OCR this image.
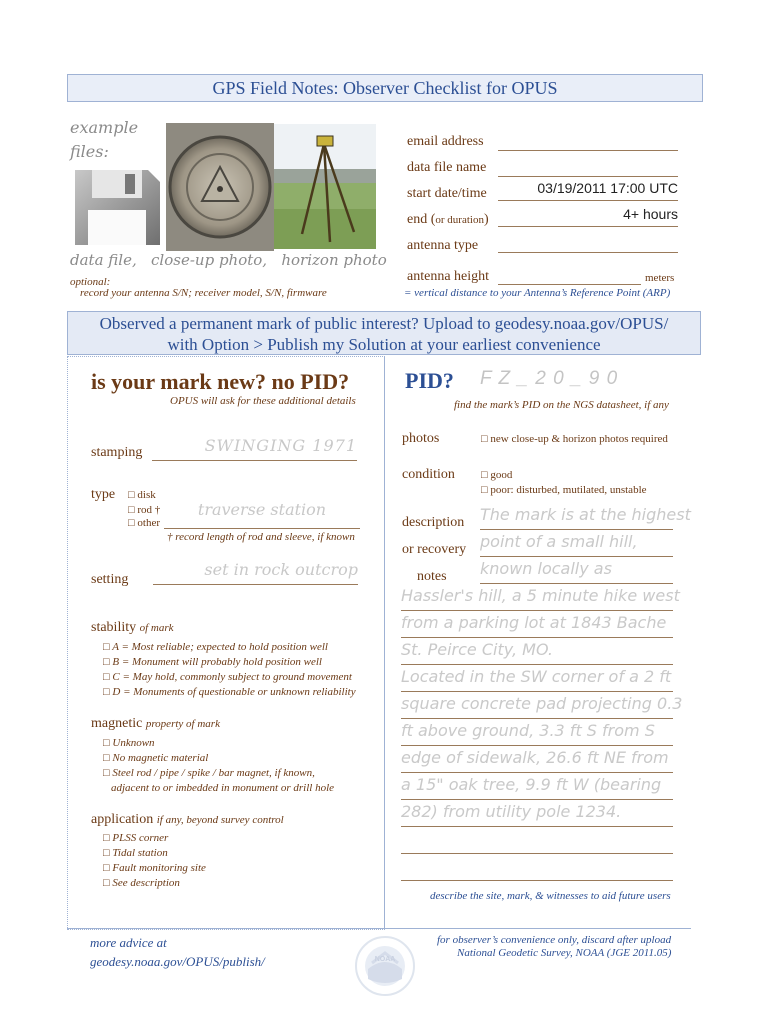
GPS Field Notes: Observer Checklist for OPUS
example files:
data file,   close-up photo,   horizon photo
optional:
record your antenna S/N; receiver model, S/N, firmware
email address
data file name
start date/time	03/19/2011 17:00 UTC
end (or duration)	4+ hours
antenna type
antenna height	meters
= vertical distance to your Antenna’s Reference Point (ARP)
Observed a permanent mark of public interest? Upload to geodesy.noaa.gov/OPUS/
with Option > Publish my Solution at your earliest convenience
is your mark new? no PID?
OPUS will ask for these additional details
stamping	SWINGING 1971
type □ disk
□ rod †
□ other
traverse station
† record length of rod and sleeve, if known
setting
set in rock outcrop
stability of mark
□ A = Most reliable; expected to hold position well
□ B = Monument will probably hold position well
□ C = May hold, commonly subject to ground movement
□ D = Monuments of questionable or unknown reliability
magnetic property of mark
□ Unknown
□ No magnetic material
□ Steel rod / pipe / spike / bar magnet, if known,
adjacent to or imbedded in monument or drill hole
application if any, beyond survey control
□ PLSS corner
□ Tidal station
□ Fault monitoring site
□ See description
PID? F Z _ 2 0 _ 9 0
find the mark’s PID on the NGS datasheet, if any
photos	□ new close-up & horizon photos required
condition □ good
□ poor: disturbed, mutilated, unstable
description
or recovery
notes
The mark is at the highest
point of a small hill,
known locally as
Hassler's hill, a 5 minute hike west
from a parking lot at 1843 Bache
St. Peirce City, MO.
Located in the SW corner of a 2 ft
square concrete pad projecting 0.3
ft above ground, 3.3 ft S from S
edge of sidewalk, 26.6 ft NE from
a 15" oak tree, 9.9 ft W (bearing
282) from utility pole 1234.
describe the site, mark, & witnesses to aid future users
more advice at
geodesy.noaa.gov/OPUS/publish/	NOAA
for observer’s convenience only, discard after upload
National Geodetic Survey, NOAA (JGE 2011.05)
